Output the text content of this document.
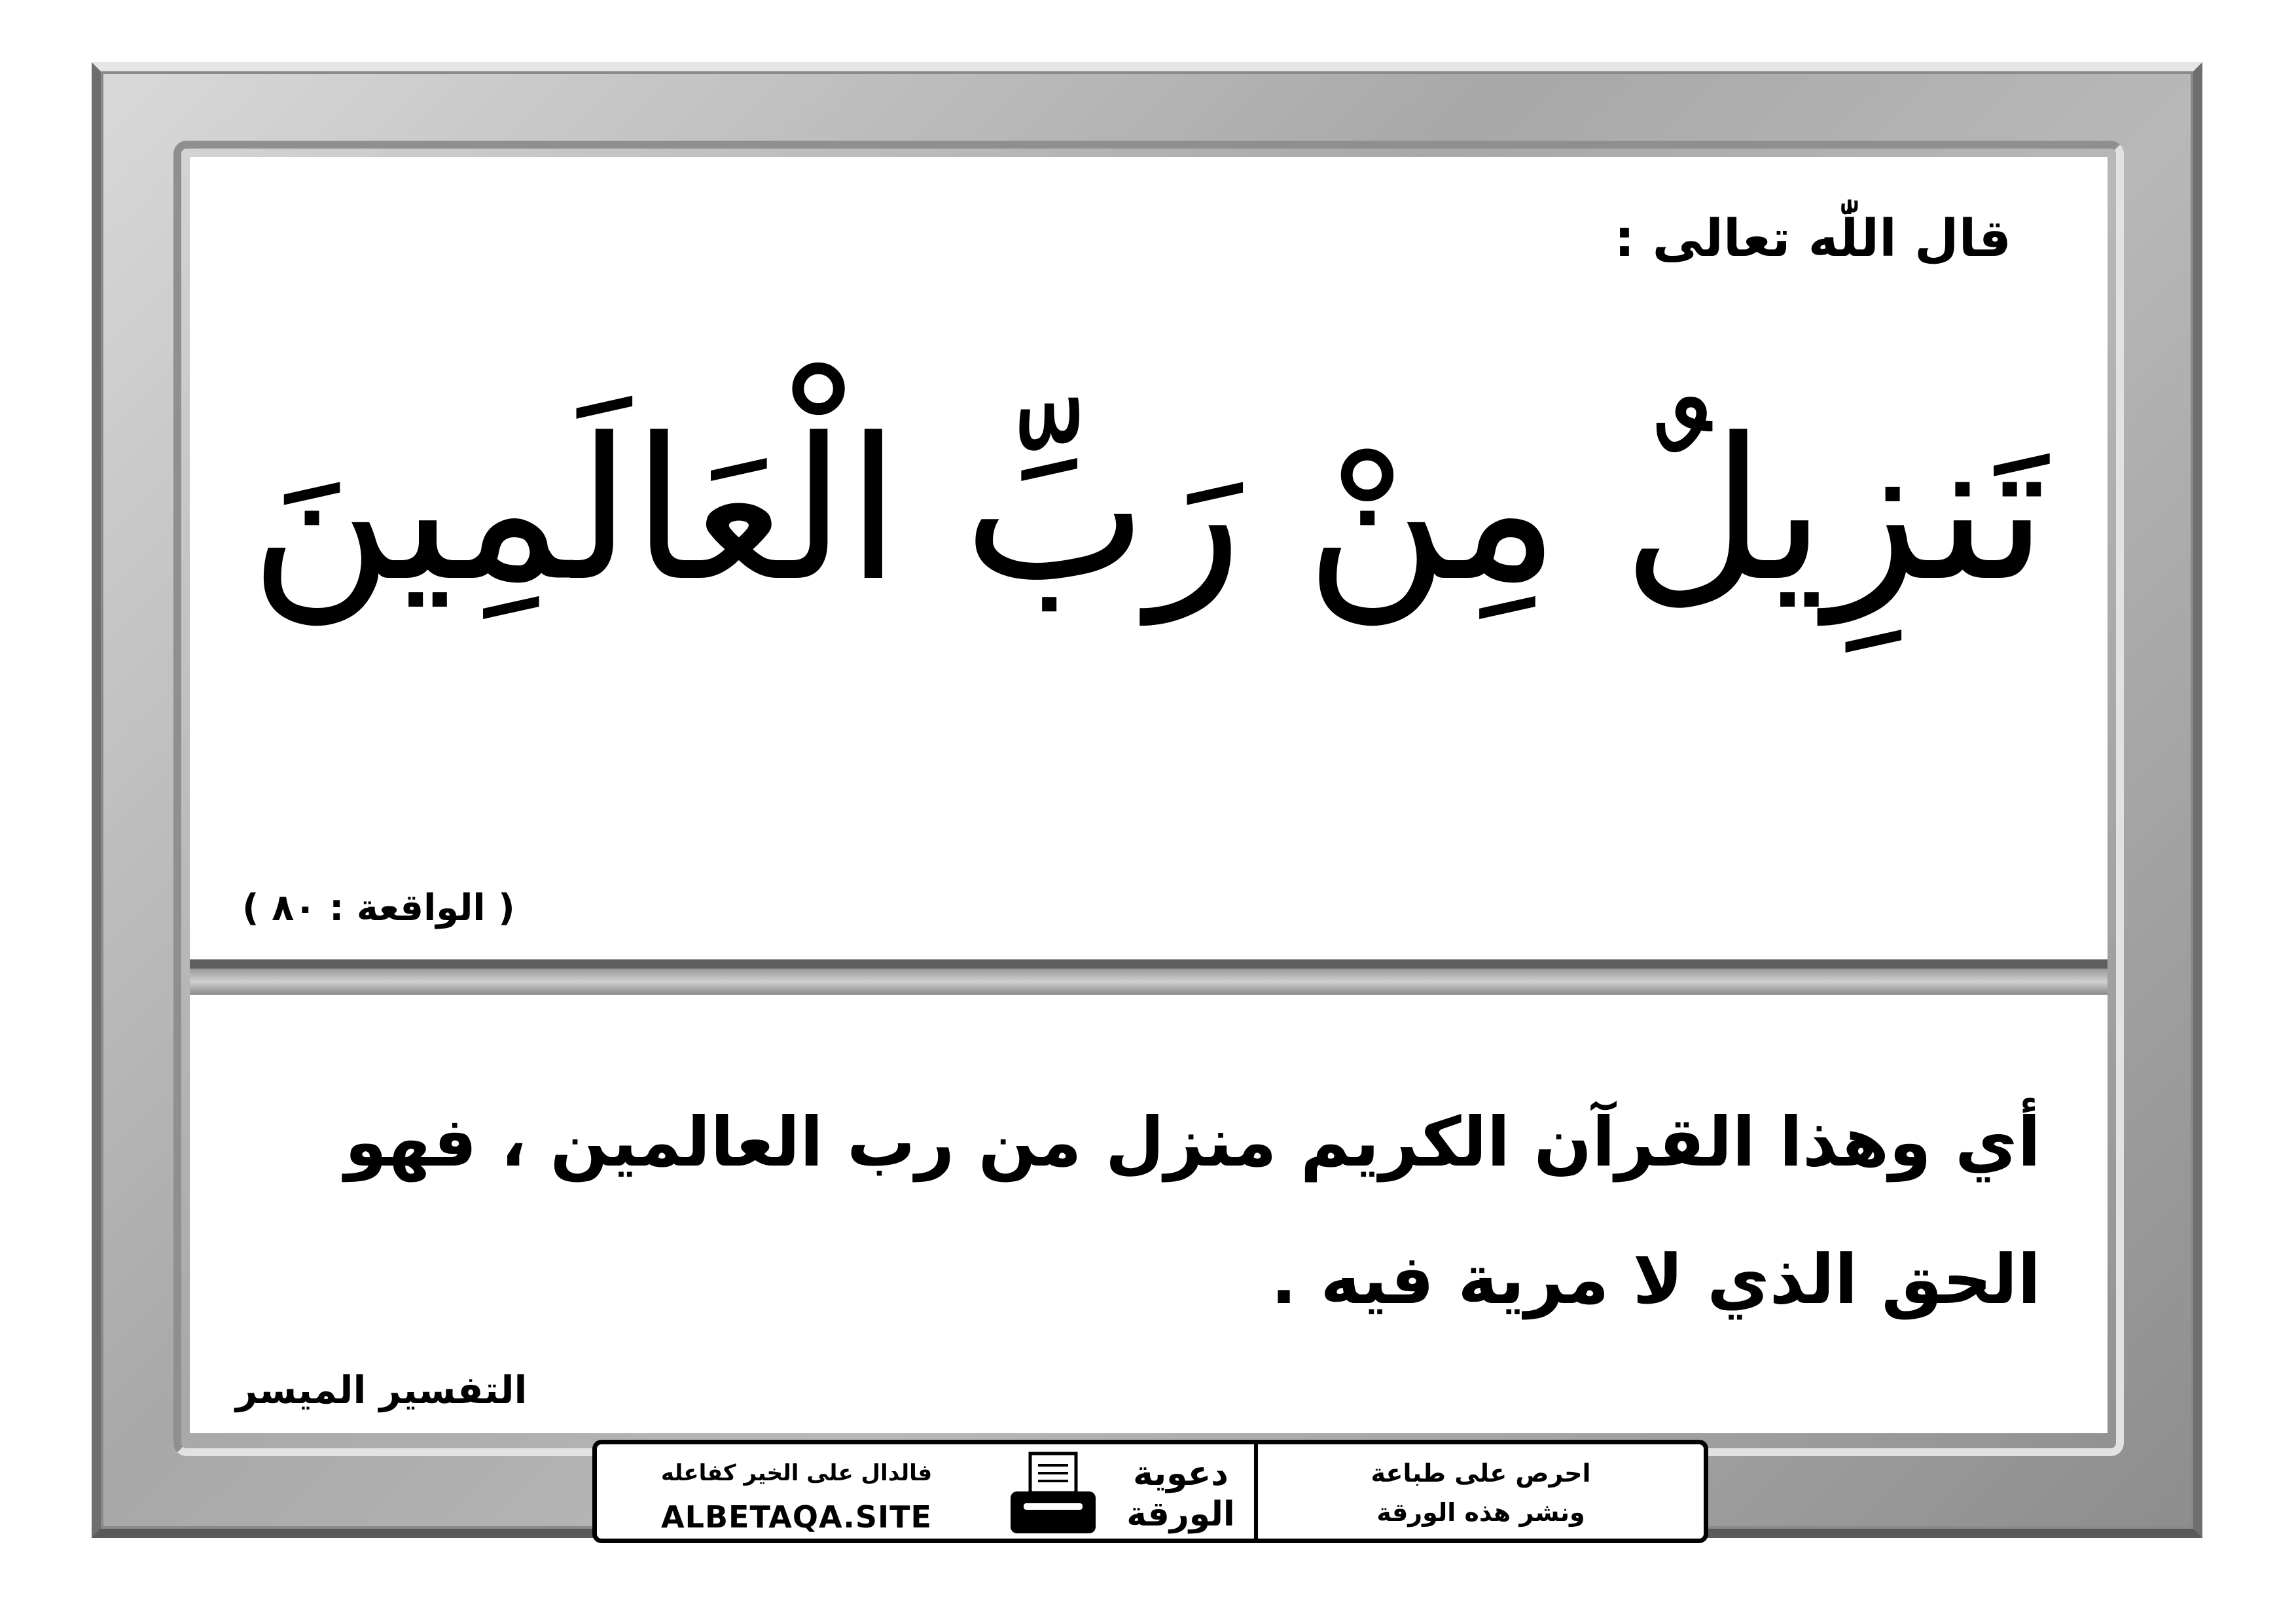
قال اللّٰه تعالى :

تَنزِيلٌ مِنْ رَبِّ الْعَالَمِينَ

( الواقعة : ٨٠ )

أي وهذا القرآن الكريم منزل من رب العالمين ، فهو الحق الذي لا مرية فيه .

التفسير الميسر

فالدال على الخير كفاعله
ALBETAQA.SITE
دعوية الورقة
احرص على طباعة
ونشر هذه الورقة
